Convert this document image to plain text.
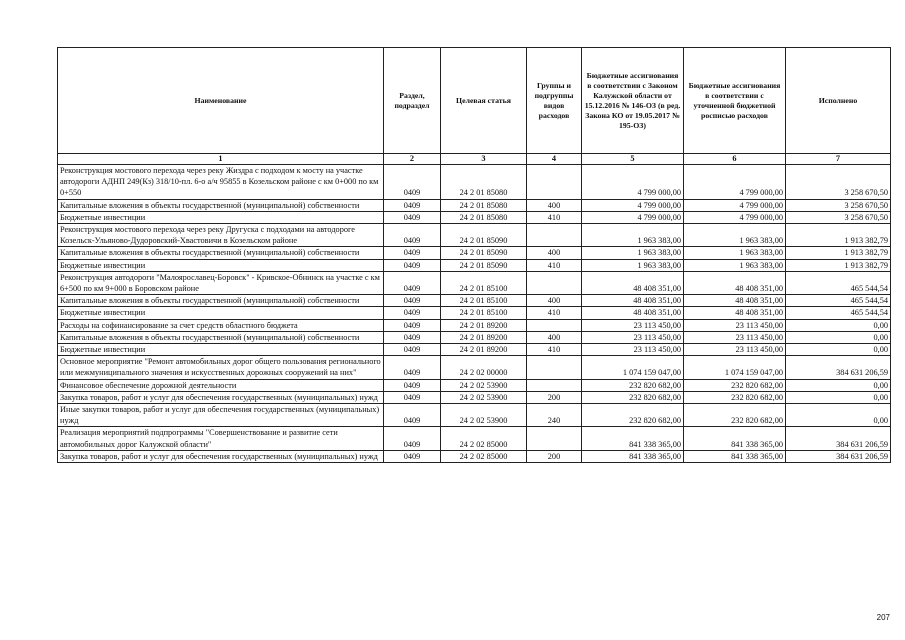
Наименование	Раздел, подраздел	Целевая статья	Группы и подгруппы видов расходов	Бюджетные ассигнования в соответствии с Законом Калужской области от 15.12.2016 № 146-ОЗ (в ред. Закона КО от 19.05.2017 № 195-ОЗ)	Бюджетные ассигнования в соответствии с уточненной бюджетной росписью расходов	Исполнено
1	2	3	4	5	6	7
Реконструкция мостового перехода через реку Жиздра с подходом к мосту на участке автодороги АДНП 249(Кз) 318/10-пл. 6-о а/ч 95855 в Козельском районе с км 0+000 по км 0+550	0409	24 2 01 85080		4 799 000,00	4 799 000,00	3 258 670,50
Капитальные вложения в объекты государственной (муниципальной) собственности	0409	24 2 01 85080	400	4 799 000,00	4 799 000,00	3 258 670,50
Бюджетные инвестиции	0409	24 2 01 85080	410	4 799 000,00	4 799 000,00	3 258 670,50
Реконструкция мостового перехода через реку Другуска с подходами на автодороге Козельск-Ульяново-Дудоровский-Хвастовичи в Козельском районе	0409	24 2 01 85090		1 963 383,00	1 963 383,00	1 913 382,79
Капитальные вложения в объекты государственной (муниципальной) собственности	0409	24 2 01 85090	400	1 963 383,00	1 963 383,00	1 913 382,79
Бюджетные инвестиции	0409	24 2 01 85090	410	1 963 383,00	1 963 383,00	1 913 382,79
Реконструкция автодороги "Малоярославец-Боровск" - Кривское-Обнинск на участке с км 6+500 по км 9+000 в Боровском районе	0409	24 2 01 85100		48 408 351,00	48 408 351,00	465 544,54
Капитальные вложения в объекты государственной (муниципальной) собственности	0409	24 2 01 85100	400	48 408 351,00	48 408 351,00	465 544,54
Бюджетные инвестиции	0409	24 2 01 85100	410	48 408 351,00	48 408 351,00	465 544,54
Расходы на софинансирование за счет средств областного бюджета	0409	24 2 01 89200		23 113 450,00	23 113 450,00	0,00
Капитальные вложения в объекты государственной (муниципальной) собственности	0409	24 2 01 89200	400	23 113 450,00	23 113 450,00	0,00
Бюджетные инвестиции	0409	24 2 01 89200	410	23 113 450,00	23 113 450,00	0,00
Основное мероприятие "Ремонт автомобильных дорог общего пользования регионального или межмуниципального значения и искусственных дорожных сооружений на них"	0409	24 2 02 00000		1 074 159 047,00	1 074 159 047,00	384 631 206,59
Финансовое обеспечение дорожной деятельности	0409	24 2 02 53900		232 820 682,00	232 820 682,00	0,00
Закупка товаров, работ и услуг для обеспечения государственных (муниципальных) нужд	0409	24 2 02 53900	200	232 820 682,00	232 820 682,00	0,00
Иные закупки товаров, работ и услуг для обеспечения государственных (муниципальных) нужд	0409	24 2 02 53900	240	232 820 682,00	232 820 682,00	0,00
Реализация мероприятий подпрограммы "Совершенствование и развитие сети автомобильных дорог Калужской области"	0409	24 2 02 85000		841 338 365,00	841 338 365,00	384 631 206,59
Закупка товаров, работ и услуг для обеспечения государственных (муниципальных) нужд	0409	24 2 02 85000	200	841 338 365,00	841 338 365,00	384 631 206,59
207
